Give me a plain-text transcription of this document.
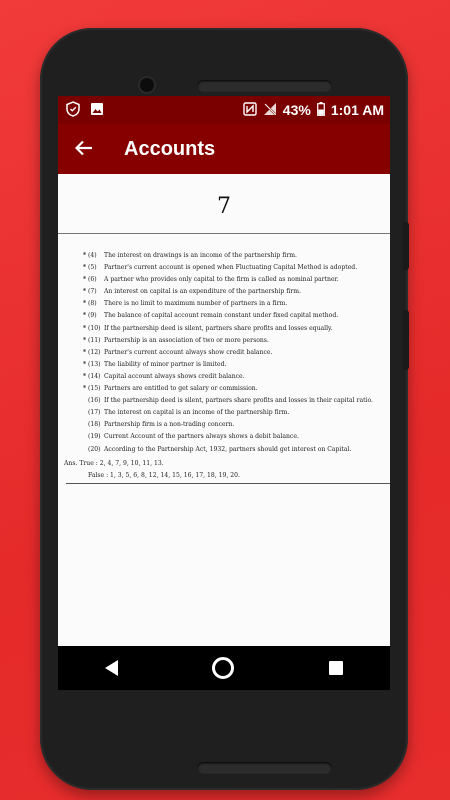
43% 1:01 AM
Accounts
7
* (4)	The interest on drawings is an income of the partnership firm.
* (5)	Partner's current account is opened when Fluctuating Capital Method is adopted.
* (6)	A partner who provides only capital to the firm is called as nominal partner.
* (7)	An interest on capital is an expenditure of the partnership firm.
* (8)	There is no limit to maximum number of partners in a firm.
* (9)	The balance of capital account remain constant under fixed capital method.
* (10) If the partnership deed is silent, partners share profits and losses equally.
* (11) Partnership is an association of two or more persons.
* (12) Partner's current account always show credit balance.
* (13) The liability of minor partner is limited.
* (14) Capital account always shows credit balance.
* (15) Partners are entitled to get salary or commission.
(16) If the partnership deed is silent, partners share profits and losses in their capital ratio.
(17) The interest on capital is an income of the partnership firm.
(18) Partnership firm is a non-trading concern.
(19) Current Account of the partners always shows a debit balance.
(20) According to the Partnership Act, 1932, partners should get interest on Capital.
Ans. True : 2, 4, 7, 9, 10, 11, 13.
False : 1, 3, 5, 6, 8, 12, 14, 15, 16, 17, 18, 19, 20.
